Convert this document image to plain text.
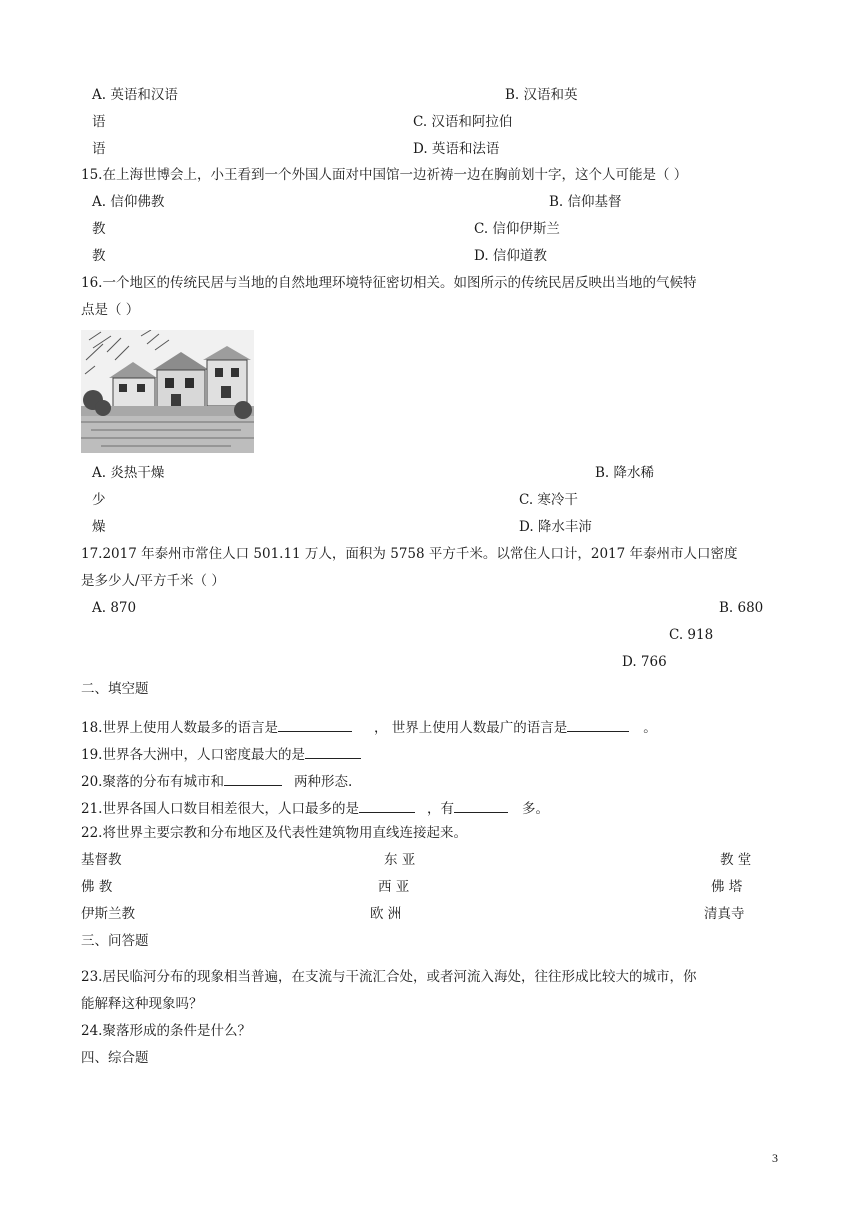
A. 英语和汉语	B. 汉语和英
语	C. 汉语和阿拉伯
语	D. 英语和法语
15.在上海世博会上，小王看到一个外国人面对中国馆一边祈祷一边在胸前划十字，这个人可能是（ ）
A. 信仰佛教	B. 信仰基督
教	C. 信仰伊斯兰
教	D. 信仰道教
16.一个地区的传统民居与当地的自然地理环境特征密切相关。如图所示的传统民居反映出当地的气候特
点是（ ）
A. 炎热干燥	B. 降水稀
少	C. 寒冷干
燥	D. 降水丰沛
17.2017 年泰州市常住人口 501.11 万人，面积为 5758 平方千米。以常住人口计，2017 年泰州市人口密度
是多少人/平方千米（ ）
A. 870	B. 680
C. 918
D. 766
二、填空题
18.世界上使用人数最多的语言是	， 世界上使用人数最广的语言是	。
19.世界各大洲中，人口密度最大的是
20.聚落的分布有城市和	两种形态.
21.世界各国人口数目相差很大，人口最多的是	，有	多。
22.将世界主要宗教和分布地区及代表性建筑物用直线连接起来。
基督教	东 亚	教 堂
佛 教	西 亚	佛 塔
伊斯兰教	欧 洲	清真寺
三、问答题
23.居民临河分布的现象相当普遍，在支流与干流汇合处，或者河流入海处，往往形成比较大的城市，你
能解释这种现象吗？
24.聚落形成的条件是什么？
四、综合题
3
